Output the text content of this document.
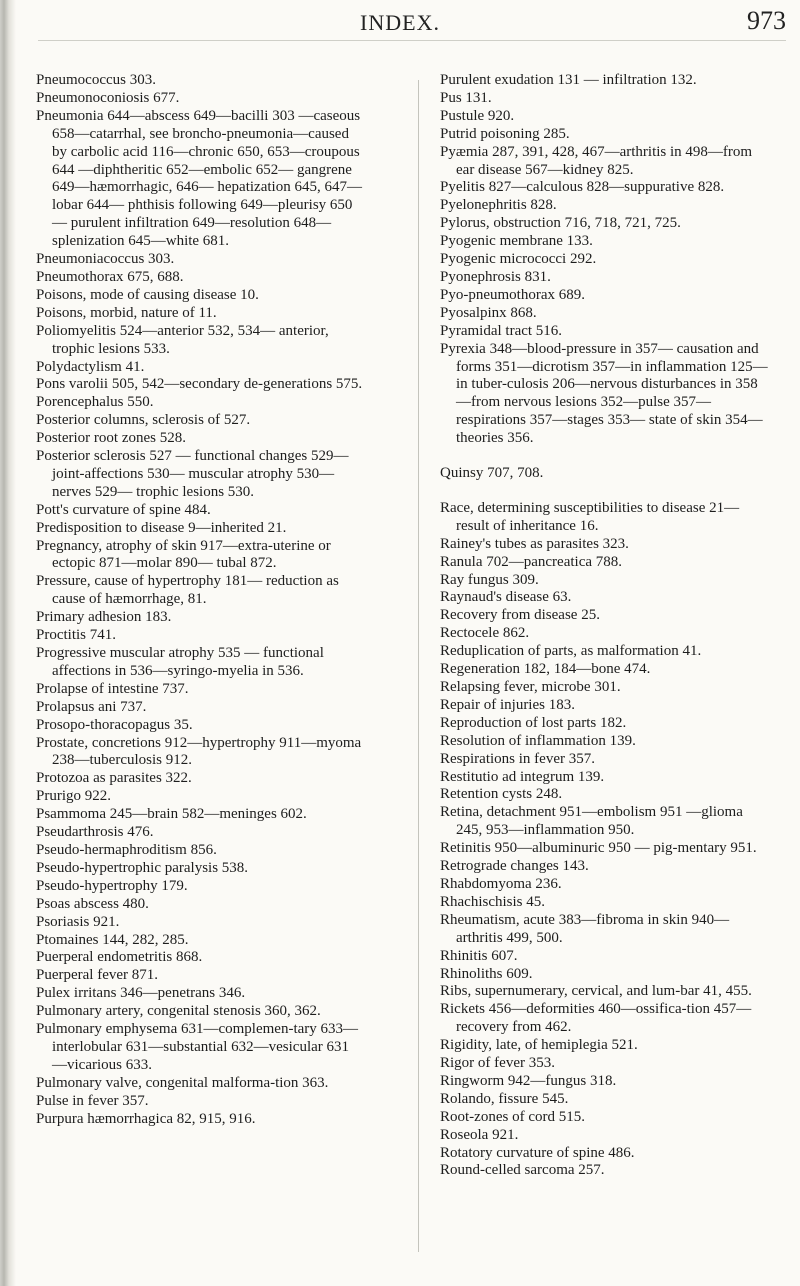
INDEX.	973
Pneumococcus 303.
Pneumonoconiosis 677.
Pneumonia 644—abscess 649—bacilli 303 —caseous 658—catarrhal, see broncho-pneumonia—caused by carbolic acid 116—chronic 650, 653—croupous 644 —diphtheritic 652—embolic 652— gangrene 649—hæmorrhagic, 646— hepatization 645, 647—lobar 644— phthisis following 649—pleurisy 650— purulent infiltration 649—resolution 648—splenization 645—white 681.
Pneumoniacoccus 303.
Pneumothorax 675, 688.
Poisons, mode of causing disease 10.
Poisons, morbid, nature of 11.
Poliomyelitis 524—anterior 532, 534— anterior, trophic lesions 533.
Polydactylism 41.
Pons varolii 505, 542—secondary de-generations 575.
Porencephalus 550.
Posterior columns, sclerosis of 527.
Posterior root zones 528.
Posterior sclerosis 527 — functional changes 529—joint-affections 530— muscular atrophy 530—nerves 529— trophic lesions 530.
Pott's curvature of spine 484.
Predisposition to disease 9—inherited 21.
Pregnancy, atrophy of skin 917—extra-uterine or ectopic 871—molar 890— tubal 872.
Pressure, cause of hypertrophy 181— reduction as cause of hæmorrhage, 81.
Primary adhesion 183.
Proctitis 741.
Progressive muscular atrophy 535 — functional affections in 536—syringo-myelia in 536.
Prolapse of intestine 737.
Prolapsus ani 737.
Prosopo-thoracopagus 35.
Prostate, concretions 912—hypertrophy 911—myoma 238—tuberculosis 912.
Protozoa as parasites 322.
Prurigo 922.
Psammoma 245—brain 582—meninges 602.
Pseudarthrosis 476.
Pseudo-hermaphroditism 856.
Pseudo-hypertrophic paralysis 538.
Pseudo-hypertrophy 179.
Psoas abscess 480.
Psoriasis 921.
Ptomaines 144, 282, 285.
Puerperal endometritis 868.
Puerperal fever 871.
Pulex irritans 346—penetrans 346.
Pulmonary artery, congenital stenosis 360, 362.
Pulmonary emphysema 631—complemen-tary 633—interlobular 631—substantial 632—vesicular 631—vicarious 633.
Pulmonary valve, congenital malforma-tion 363.
Pulse in fever 357.
Purpura hæmorrhagica 82, 915, 916.
Purulent exudation 131 — infiltration 132.
Pus 131.
Pustule 920.
Putrid poisoning 285.
Pyæmia 287, 391, 428, 467—arthritis in 498—from ear disease 567—kidney 825.
Pyelitis 827—calculous 828—suppurative 828.
Pyelonephritis 828.
Pylorus, obstruction 716, 718, 721, 725.
Pyogenic membrane 133.
Pyogenic micrococci 292.
Pyonephrosis 831.
Pyo-pneumothorax 689.
Pyosalpinx 868.
Pyramidal tract 516.
Pyrexia 348—blood-pressure in 357— causation and forms 351—dicrotism 357—in inflammation 125—in tuber-culosis 206—nervous disturbances in 358—from nervous lesions 352—pulse 357—respirations 357—stages 353— state of skin 354—theories 356.
Quinsy 707, 708.
Race, determining susceptibilities to disease 21—result of inheritance 16.
Rainey's tubes as parasites 323.
Ranula 702—pancreatica 788.
Ray fungus 309.
Raynaud's disease 63.
Recovery from disease 25.
Rectocele 862.
Reduplication of parts, as malformation 41.
Regeneration 182, 184—bone 474.
Relapsing fever, microbe 301.
Repair of injuries 183.
Reproduction of lost parts 182.
Resolution of inflammation 139.
Respirations in fever 357.
Restitutio ad integrum 139.
Retention cysts 248.
Retina, detachment 951—embolism 951 —glioma 245, 953—inflammation 950.
Retinitis 950—albuminuric 950 — pig-mentary 951.
Retrograde changes 143.
Rhabdomyoma 236.
Rhachischisis 45.
Rheumatism, acute 383—fibroma in skin 940—arthritis 499, 500.
Rhinitis 607.
Rhinoliths 609.
Ribs, supernumerary, cervical, and lum-bar 41, 455.
Rickets 456—deformities 460—ossifica-tion 457—recovery from 462.
Rigidity, late, of hemiplegia 521.
Rigor of fever 353.
Ringworm 942—fungus 318.
Rolando, fissure 545.
Root-zones of cord 515.
Roseola 921.
Rotatory curvature of spine 486.
Round-celled sarcoma 257.
